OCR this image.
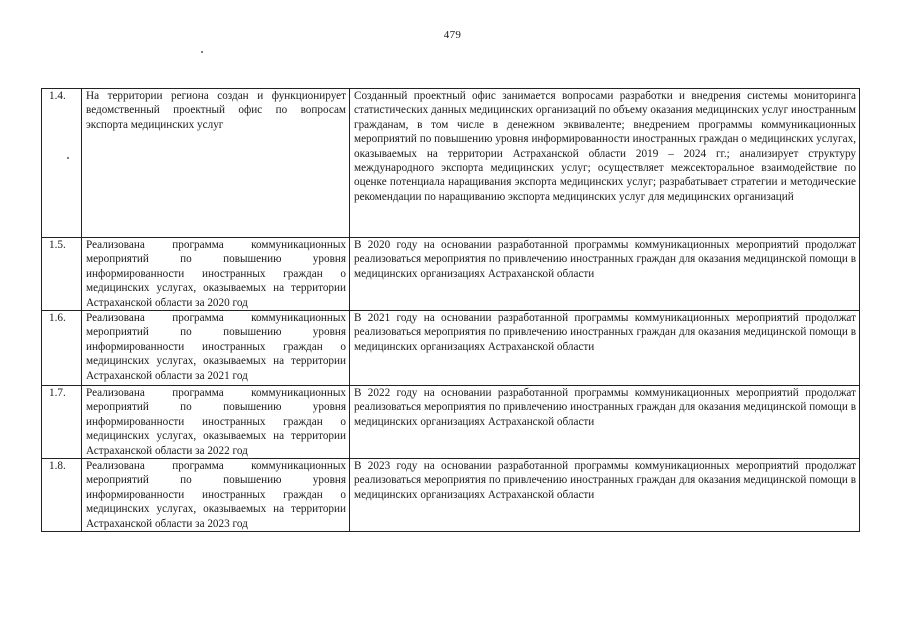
479
1.4.	На территории региона создан и функционирует ведомственный проектный офис по вопросам экспорта медицинских услуг	Созданный проектный офис занимается вопросами разработки и внедрения системы мониторинга статистических данных медицинских организаций по объему оказания медицинских услуг иностранным гражданам, в том числе в денежном эквиваленте; внедрением программы коммуникационных мероприятий по повышению уровня информированности иностранных граждан о медицинских услугах, оказываемых на территории Астраханской области 2019 – 2024 гг.; анализирует структуру международного экспорта медицинских услуг; осуществляет межсекторальное взаимодействие по оценке потенциала наращивания экспорта медицинских услуг; разрабатывает стратегии и методические рекомендации по наращиванию экспорта медицинских услуг для медицинских организаций
1.5.	Реализована программа коммуникационных мероприятий по повышению уровня информированности иностранных граждан о медицинских услугах, оказываемых на территории Астраханской области за 2020 год	В 2020 году на основании разработанной программы коммуникационных мероприятий продолжат реализоваться мероприятия по привлечению иностранных граждан для оказания медицинской помощи в медицинских организациях Астраханской области
1.6.	Реализована программа коммуникационных мероприятий по повышению уровня информированности иностранных граждан о медицинских услугах, оказываемых на территории Астраханской области за 2021 год	В 2021 году на основании разработанной программы коммуникационных мероприятий продолжат реализоваться мероприятия по привлечению иностранных граждан для оказания медицинской помощи в медицинских организациях Астраханской области
1.7.	Реализована программа коммуникационных мероприятий по повышению уровня информированности иностранных граждан о медицинских услугах, оказываемых на территории Астраханской области за 2022 год	В 2022 году на основании разработанной программы коммуникационных мероприятий продолжат реализоваться мероприятия по привлечению иностранных граждан для оказания медицинской помощи в медицинских организациях Астраханской области
1.8.	Реализована программа коммуникационных мероприятий по повышению уровня информированности иностранных граждан о медицинских услугах, оказываемых на территории Астраханской области за 2023 год	В 2023 году на основании разработанной программы коммуникационных мероприятий продолжат реализоваться мероприятия по привлечению иностранных граждан для оказания медицинской помощи в медицинских организациях Астраханской области
